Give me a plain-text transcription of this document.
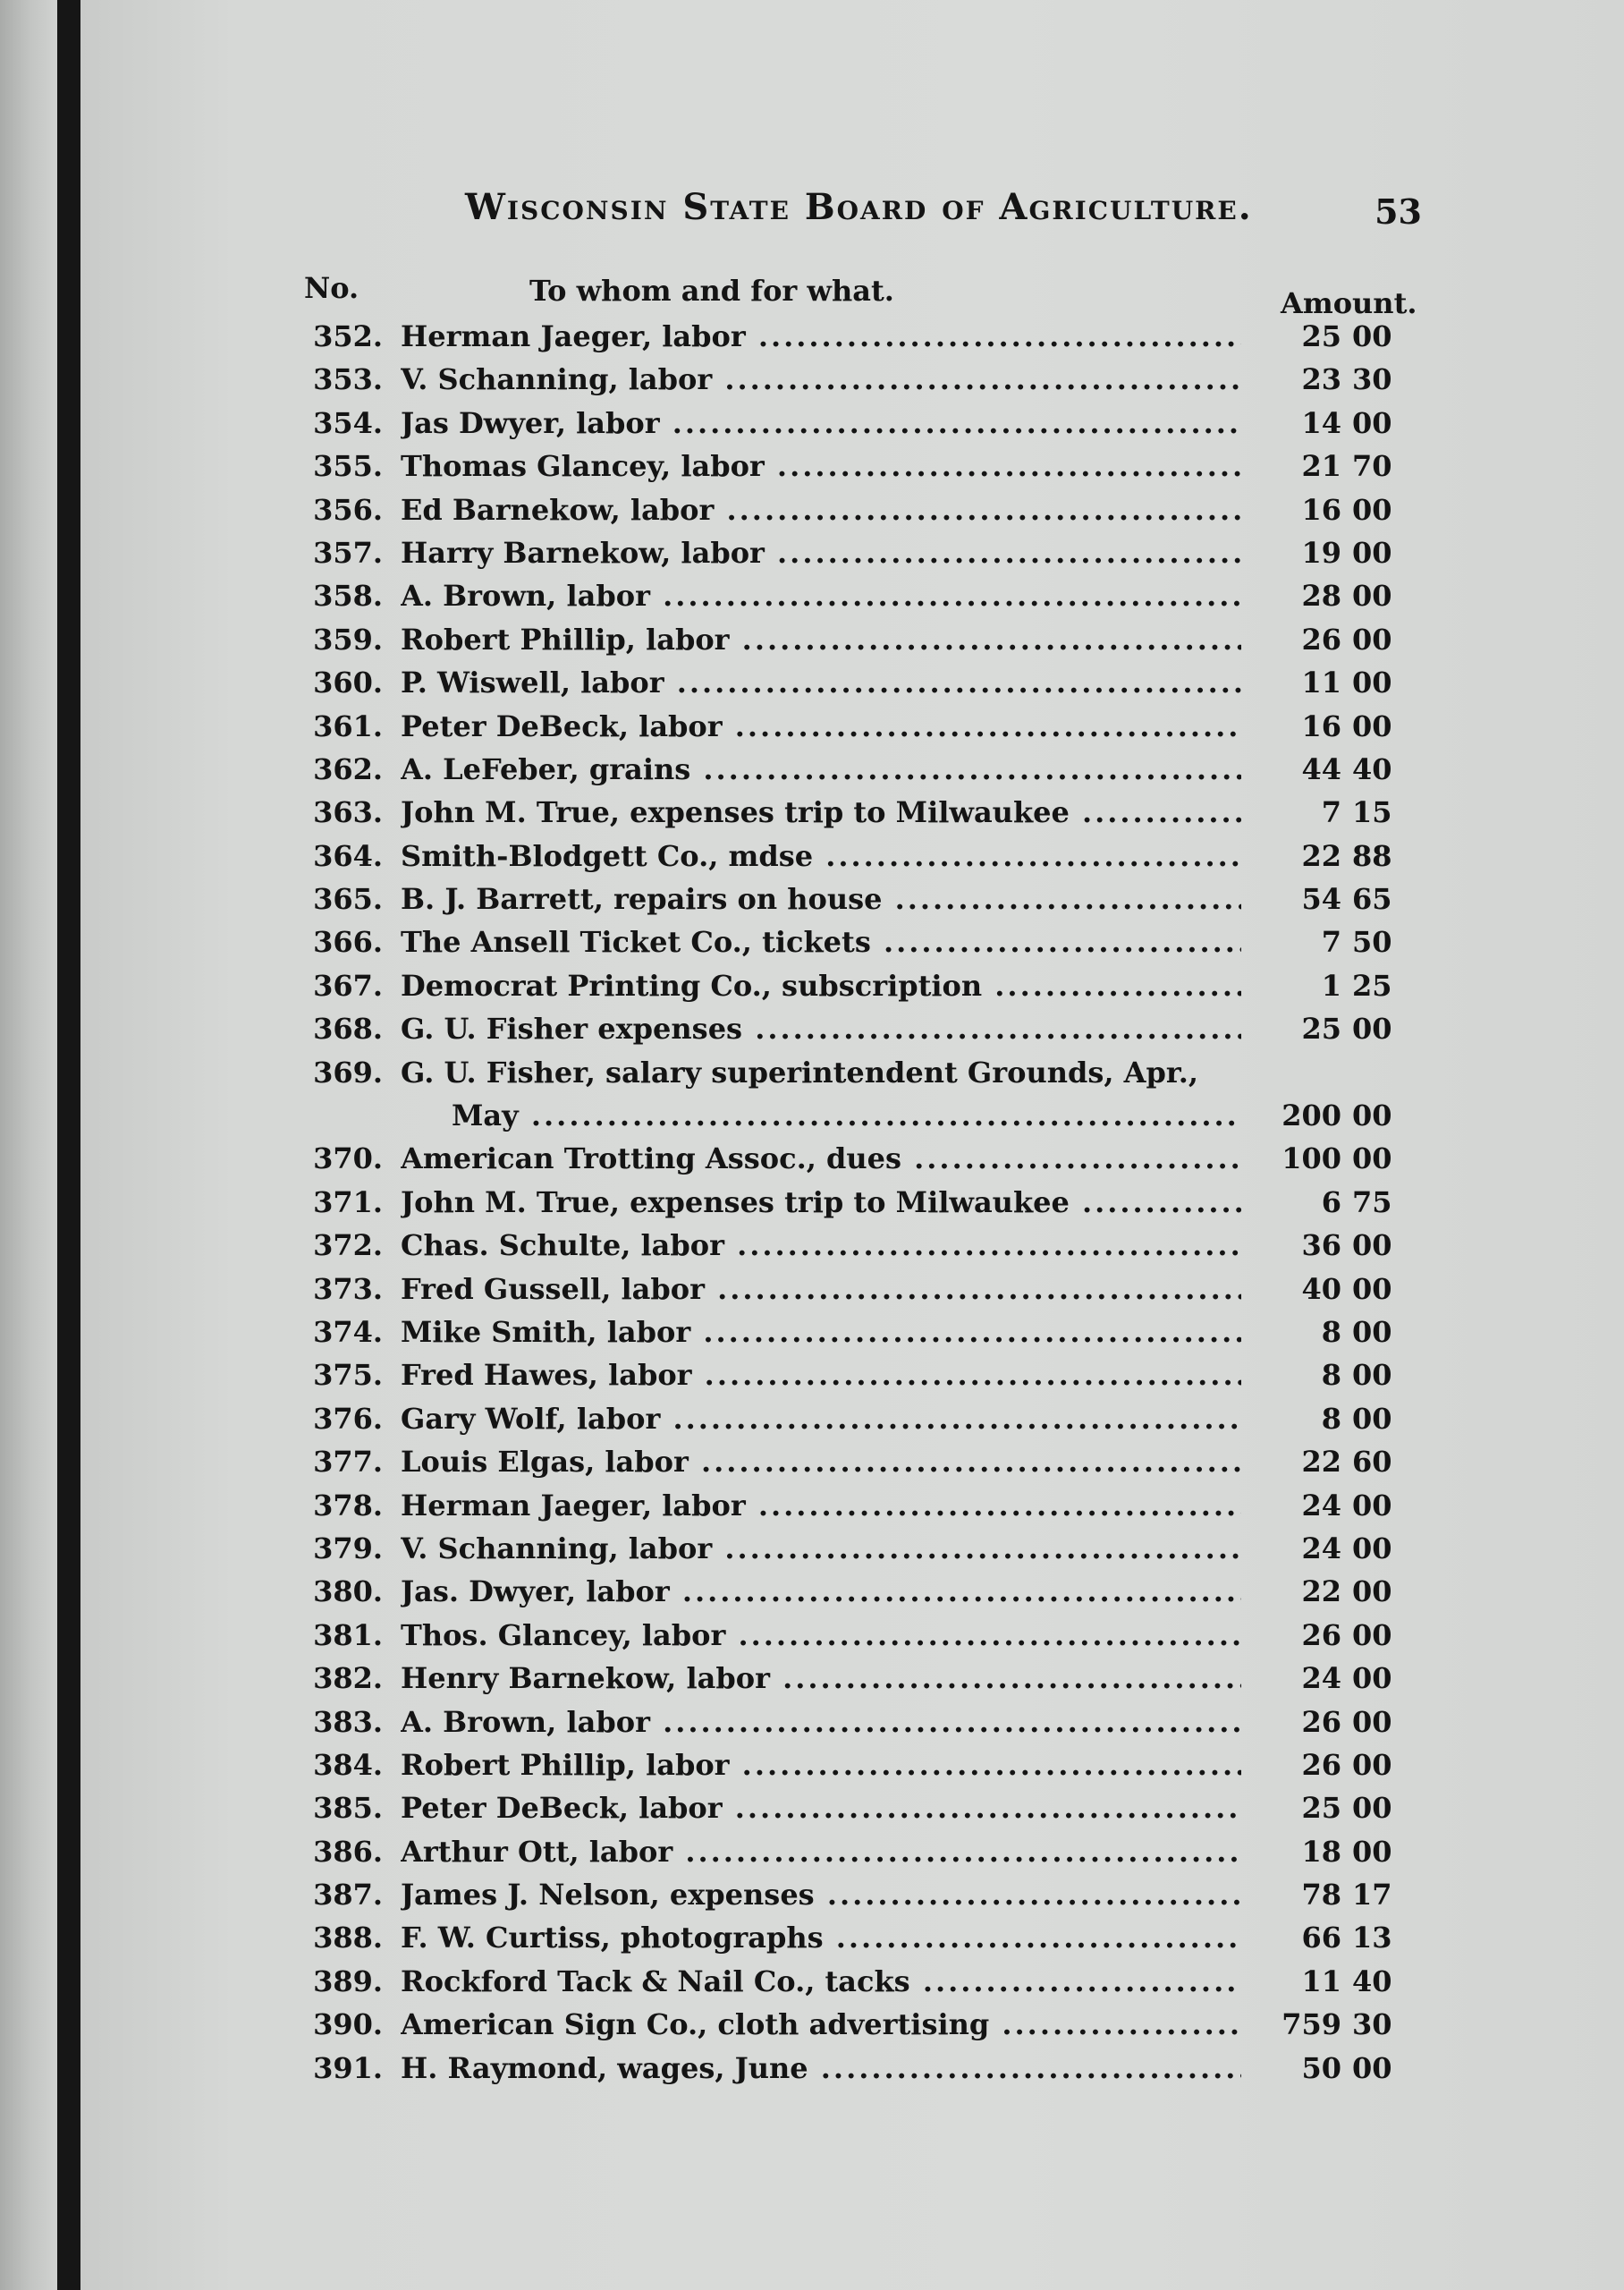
Wisconsin State Board of Agriculture.	53
No.	To whom and for what.	Amount.
352. Herman Jaeger, labor .....	25 00
353. V. Schanning, labor .....	23 30
354. Jas Dwyer, labor .....	14 00
355. Thomas Glancey, labor .....	21 70
356. Ed Barnekow, labor .....	16 00
357. Harry Barnekow, labor .....	19 00
358. A. Brown, labor .....	28 00
359. Robert Phillip, labor .....	26 00
360. P. Wiswell, labor .....	11 00
361. Peter DeBeck, labor .....	16 00
362. A. LeFeber, grains .....	44 40
363. John M. True, expenses trip to Milwaukee .....	7 15
364. Smith-Blodgett Co., mdse .....	22 88
365. B. J. Barrett, repairs on house .....	54 65
366. The Ansell Ticket Co., tickets .....	7 50
367. Democrat Printing Co., subscription .....	1 25
368. G. U. Fisher expenses .....	25 00
369. G. U. Fisher, salary superintendent Grounds, Apr.,
May .....	200 00
370. American Trotting Assoc., dues .....	100 00
371. John M. True, expenses trip to Milwaukee .....	6 75
372. Chas. Schulte, labor .....	36 00
373. Fred Gussell, labor .....	40 00
374. Mike Smith, labor .....	8 00
375. Fred Hawes, labor .....	8 00
376. Gary Wolf, labor .....	8 00
377. Louis Elgas, labor .....	22 60
378. Herman Jaeger, labor .....	24 00
379. V. Schanning, labor .....	24 00
380. Jas. Dwyer, labor .....	22 00
381. Thos. Glancey, labor .....	26 00
382. Henry Barnekow, labor .....	24 00
383. A. Brown, labor .....	26 00
384. Robert Phillip, labor .....	26 00
385. Peter DeBeck, labor .....	25 00
386. Arthur Ott, labor .....	18 00
387. James J. Nelson, expenses .....	78 17
388. F. W. Curtiss, photographs .....	66 13
389. Rockford Tack & Nail Co., tacks .....	11 40
390. American Sign Co., cloth advertising .....	759 30
391. H. Raymond, wages, June .....	50 00
